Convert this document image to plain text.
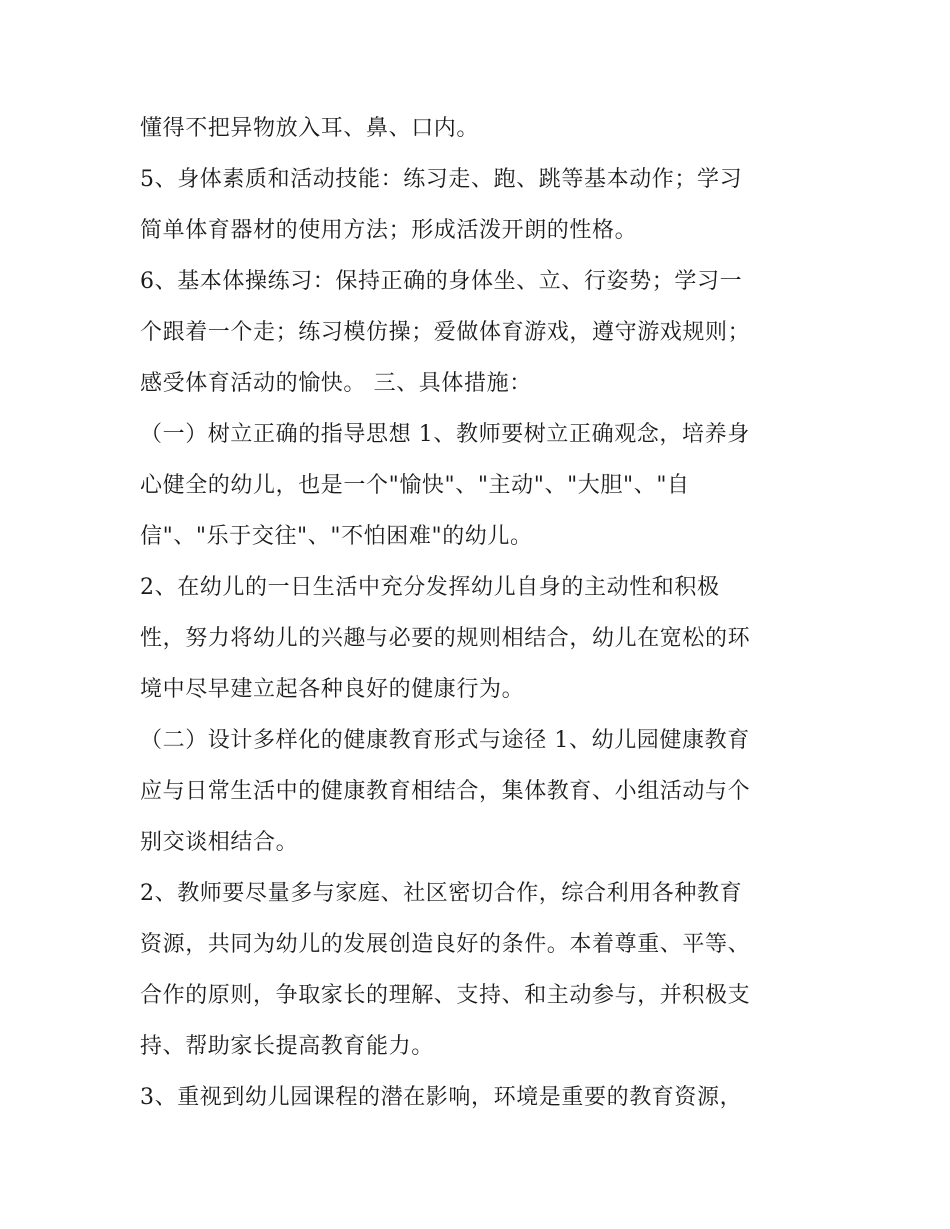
懂得不把异物放入耳、鼻、口内。

5、身体素质和活动技能：练习走、跑、跳等基本动作；学习

简单体育器材的使用方法；形成活泼开朗的性格。

6、基本体操练习：保持正确的身体坐、立、行姿势；学习一

个跟着一个走；练习模仿操；爱做体育游戏，遵守游戏规则；

感受体育活动的愉快。 三、具体措施：

（一）树立正确的指导思想 1、教师要树立正确观念，培养身

心健全的幼儿，也是一个"愉快"、"主动"、"大胆"、"自

信"、"乐于交往"、"不怕困难"的幼儿。

2、在幼儿的一日生活中充分发挥幼儿自身的主动性和积极

性，努力将幼儿的兴趣与必要的规则相结合，幼儿在宽松的环

境中尽早建立起各种良好的健康行为。

（二）设计多样化的健康教育形式与途径 1、幼儿园健康教育

应与日常生活中的健康教育相结合，集体教育、小组活动与个

别交谈相结合。

2、教师要尽量多与家庭、社区密切合作，综合利用各种教育

资源，共同为幼儿的发展创造良好的条件。本着尊重、平等、

合作的原则，争取家长的理解、支持、和主动参与，并积极支

持、帮助家长提高教育能力。

3、重视到幼儿园课程的潜在影响，环境是重要的教育资源，
